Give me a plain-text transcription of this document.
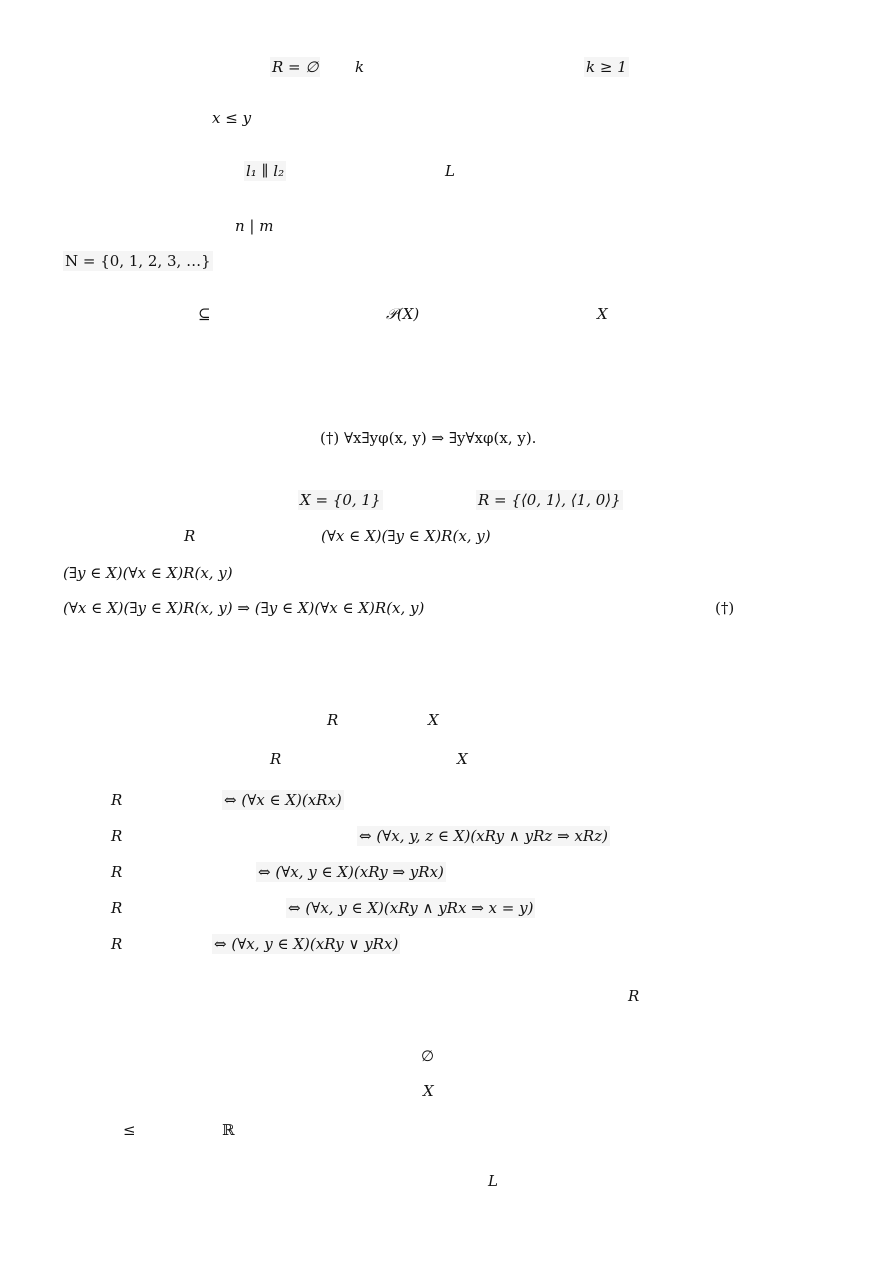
R = ∅ k	k ≥ 1
x ≤ y
l₁ ∥ l₂	L
n | m
N = {0, 1, 2, 3, …}
⊆	𝒫(X)	X
(†) ∀x∃yφ(x, y) ⇒ ∃y∀xφ(x, y).
X = {0, 1}	R = {⟨0, 1⟩, ⟨1, 0⟩}
R	(∀x ∈ X)(∃y ∈ X)R(x, y)
(∃y ∈ X)(∀x ∈ X)R(x, y)
(∀x ∈ X)(∃y ∈ X)R(x, y) ⇒ (∃y ∈ X)(∀x ∈ X)R(x, y)	(†)
R	X
R	X
R	⇔ (∀x ∈ X)(xRx)
R	⇔ (∀x, y, z ∈ X)(xRy ∧ yRz ⇒ xRz)
R	⇔ (∀x, y ∈ X)(xRy ⇒ yRx)
R	⇔ (∀x, y ∈ X)(xRy ∧ yRx ⇒ x = y)
R	⇔ (∀x, y ∈ X)(xRy ∨ yRx)
R
∅
X
≤	ℝ
L
